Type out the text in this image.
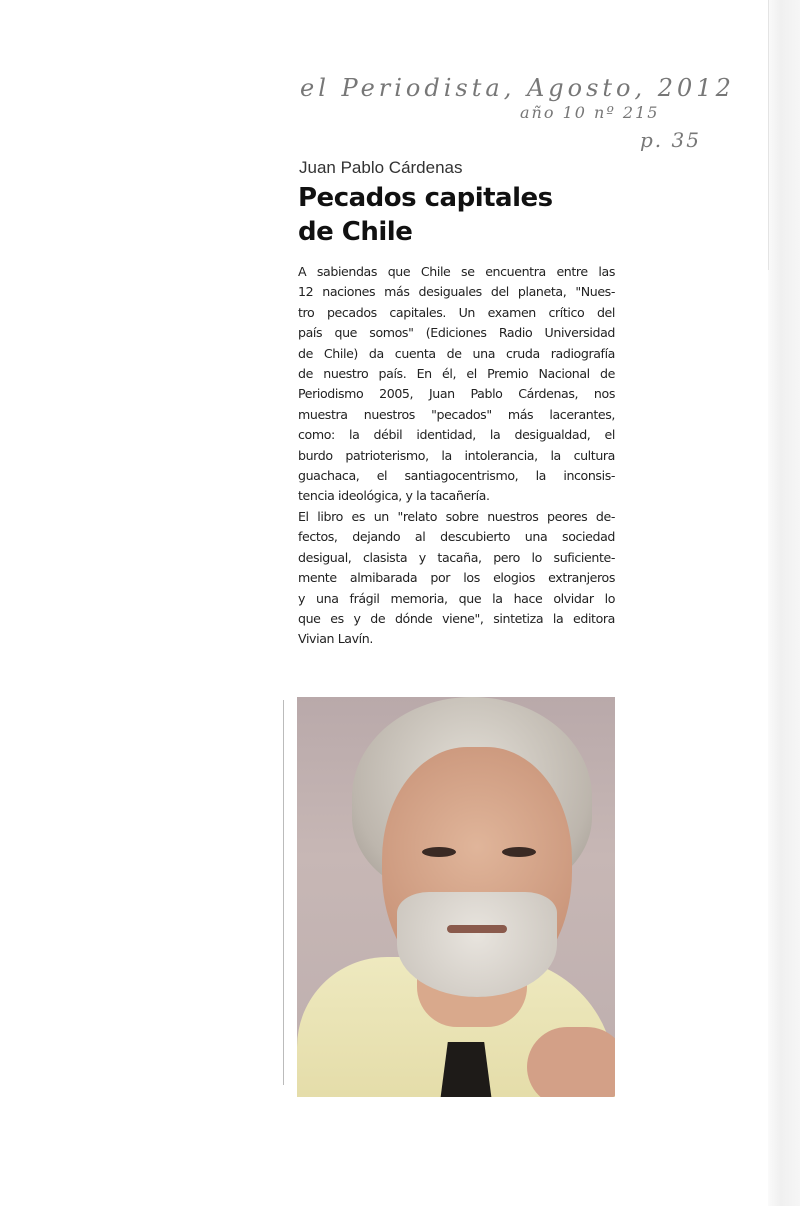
el Periodista, Agosto, 2012
año 10 nº 215
p. 35
Juan Pablo Cárdenas
Pecados capitales
de Chile
A sabiendas que Chile se encuentra entre las
12 naciones más desiguales del planeta, "Nues-
tro pecados capitales. Un examen crítico del
país que somos" (Ediciones Radio Universidad
de Chile) da cuenta de una cruda radiografía
de nuestro país. En él, el Premio Nacional de
Periodismo 2005, Juan Pablo Cárdenas, nos
muestra nuestros "pecados" más lacerantes,
como: la débil identidad, la desigualdad, el
burdo patrioterismo, la intolerancia, la cultura
guachaca, el santiagocentrismo, la inconsis-
tencia ideológica, y la tacañería.
El libro es un "relato sobre nuestros peores de-
fectos, dejando al descubierto una sociedad
desigual, clasista y tacaña, pero lo suficiente-
mente almibarada por los elogios extranjeros
y una frágil memoria, que la hace olvidar lo
que es y de dónde viene", sintetiza la editora
Vivian Lavín.
